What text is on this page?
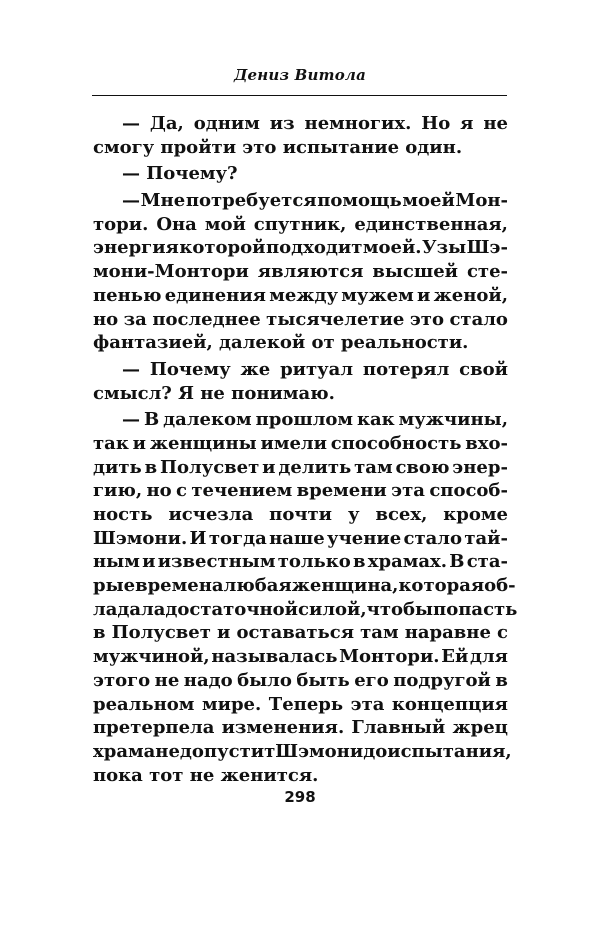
Дениз Витола
— Да, одним из немногих. Но я не
смогу пройти это испытание один.
— Почему?
— Мне потребуется помощь моей Мон-
тори. Она мой спутник, единственная,
энергия которой подходит моей. Узы Шэ-
мони-Монтори являются высшей сте-
пенью единения между мужем и женой,
но за последнее тысячелетие это стало
фантазией, далекой от реальности.
— Почему же ритуал потерял свой
смысл? Я не понимаю.
— В далеком прошлом как мужчины,
так и женщины имели способность вхо-
дить в Полусвет и делить там свою энер-
гию, но с течением времени эта способ-
ность исчезла почти у всех, кроме
Шэмони. И тогда наше учение стало тай-
ным и известным только в храмах. В ста-
рые времена любая женщина, которая об-
ладала достаточной силой, чтобы попасть
в Полусвет и оставаться там наравне с
мужчиной, называлась Монтори. Ей для
этого не надо было быть его подругой в
реальном мире. Теперь эта концепция
претерпела изменения. Главный жрец
храма не допустит Шэмони до испытания,
пока тот не женится.
298
